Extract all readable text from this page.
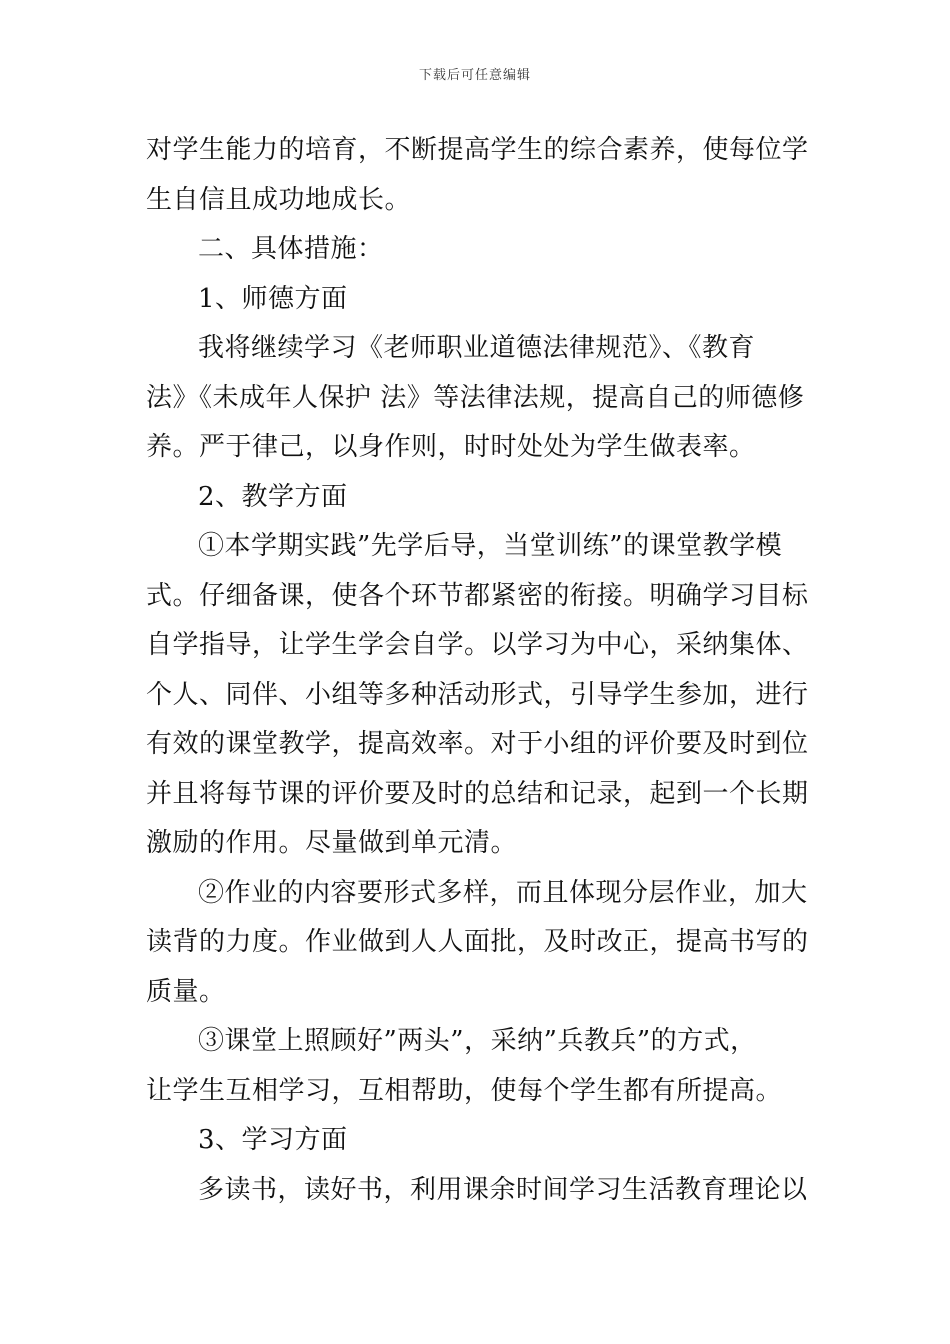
下载后可任意编辑
对学生能力的培育，不断提高学生的综合素养，使每位学
生自信且成功地成长。
二、具体措施：
1、师德方面
我将继续学习《老师职业道德法律规范》、《教育
法》《未成年人保护 法》等法律法规，提高自己的师德修
养。严于律己，以身作则，时时处处为学生做表率。
2、教学方面
①本学期实践”先学后导，当堂训练”的课堂教学模
式。仔细备课，使各个环节都紧密的衔接。明确学习目标
自学指导，让学生学会自学。以学习为中心，采纳集体、
个人、同伴、小组等多种活动形式，引导学生参加，进行
有效的课堂教学，提高效率。对于小组的评价要及时到位
并且将每节课的评价要及时的总结和记录，起到一个长期
激励的作用。尽量做到单元清。
②作业的内容要形式多样，而且体现分层作业，加大
读背的力度。作业做到人人面批，及时改正，提高书写的
质量。
③课堂上照顾好”两头”，采纳”兵教兵”的方式，
让学生互相学习，互相帮助，使每个学生都有所提高。
3、学习方面
多读书，读好书，利用课余时间学习生活教育理论以
